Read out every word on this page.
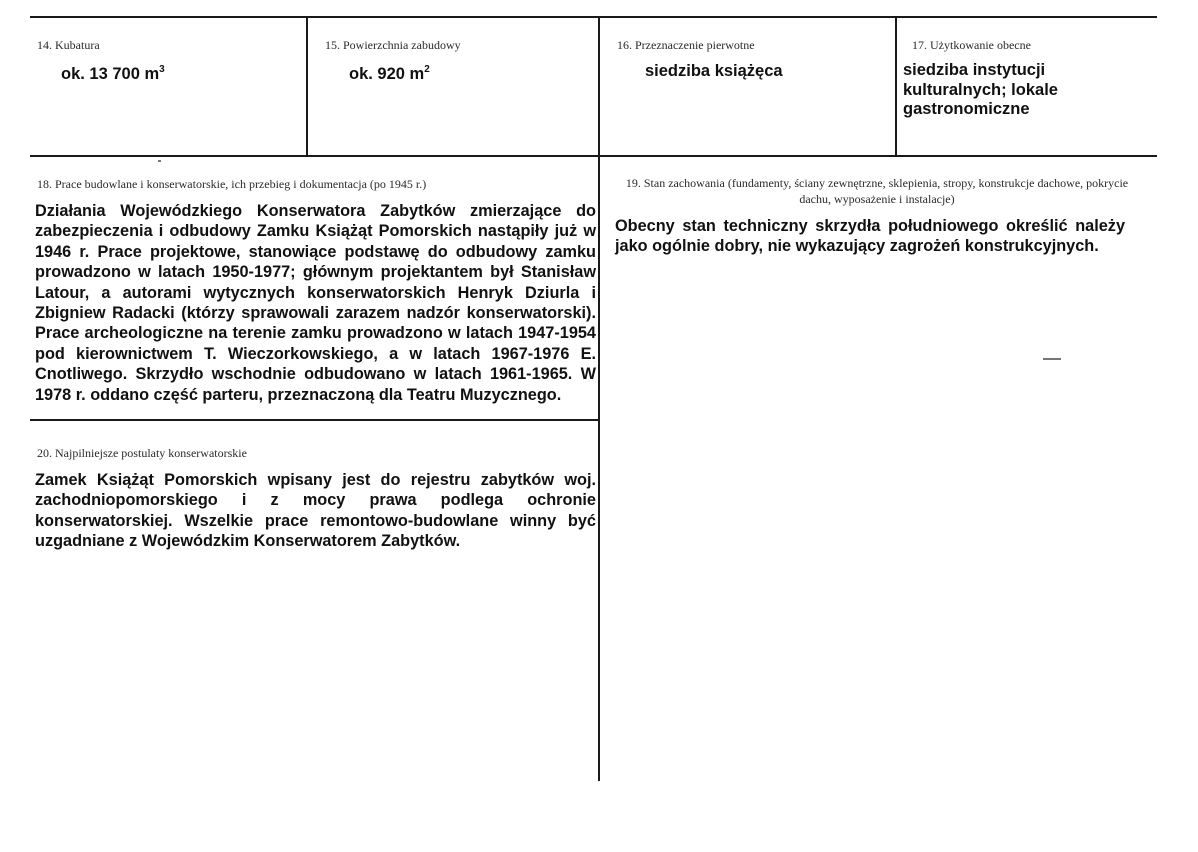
14. Kubatura
ok. 13 700 $m^3$
15. Powierzchnia zabudowy
ok. 920 $m^2$
16. Przeznaczenie pierwotne
siedziba książęca
17. Użytkowanie obecne
siedziba instytucji kulturalnych; lokale gastronomiczne
18. Prace budowlane i konserwatorskie, ich przebieg i dokumentacja (po 1945 r.)
Działania Wojewódzkiego Konserwatora Zabytków zmierzające do zabezpieczenia i odbudowy Zamku Książąt Pomorskich nastąpiły już w 1946 r. Prace projektowe, stanowiące podstawę do odbudowy zamku prowadzono w latach 1950-1977; głównym projektantem był Stanisław Latour, a autorami wytycznych konserwatorskich Henryk Dziurla i Zbigniew Radacki (którzy sprawowali zarazem nadzór konserwatorski). Prace archeologiczne na terenie zamku prowadzono w latach 1947-1954 pod kierownictwem T. Wieczorkowskiego, a w latach 1967-1976 E. Cnotliwego. Skrzydło wschodnie odbudowano w latach 1961-1965. W 1978 r. oddano część parteru, przeznaczoną dla Teatru Muzycznego.
19. Stan zachowania (fundamenty, ściany zewnętrzne, sklepienia, stropy, konstrukcje dachowe, pokrycie dachu, wyposażenie i instalacje)
Obecny stan techniczny skrzydła południowego określić należy jako ogólnie dobry, nie wykazujący zagrożeń konstrukcyjnych.
20. Najpilniejsze postulaty konserwatorskie
Zamek Książąt Pomorskich wpisany jest do rejestru zabytków woj. zachodniopomorskiego i z mocy prawa podlega ochronie konserwatorskiej. Wszelkie prace remontowo-budowlane winny być uzgadniane z Wojewódzkim Konserwatorem Zabytków.
